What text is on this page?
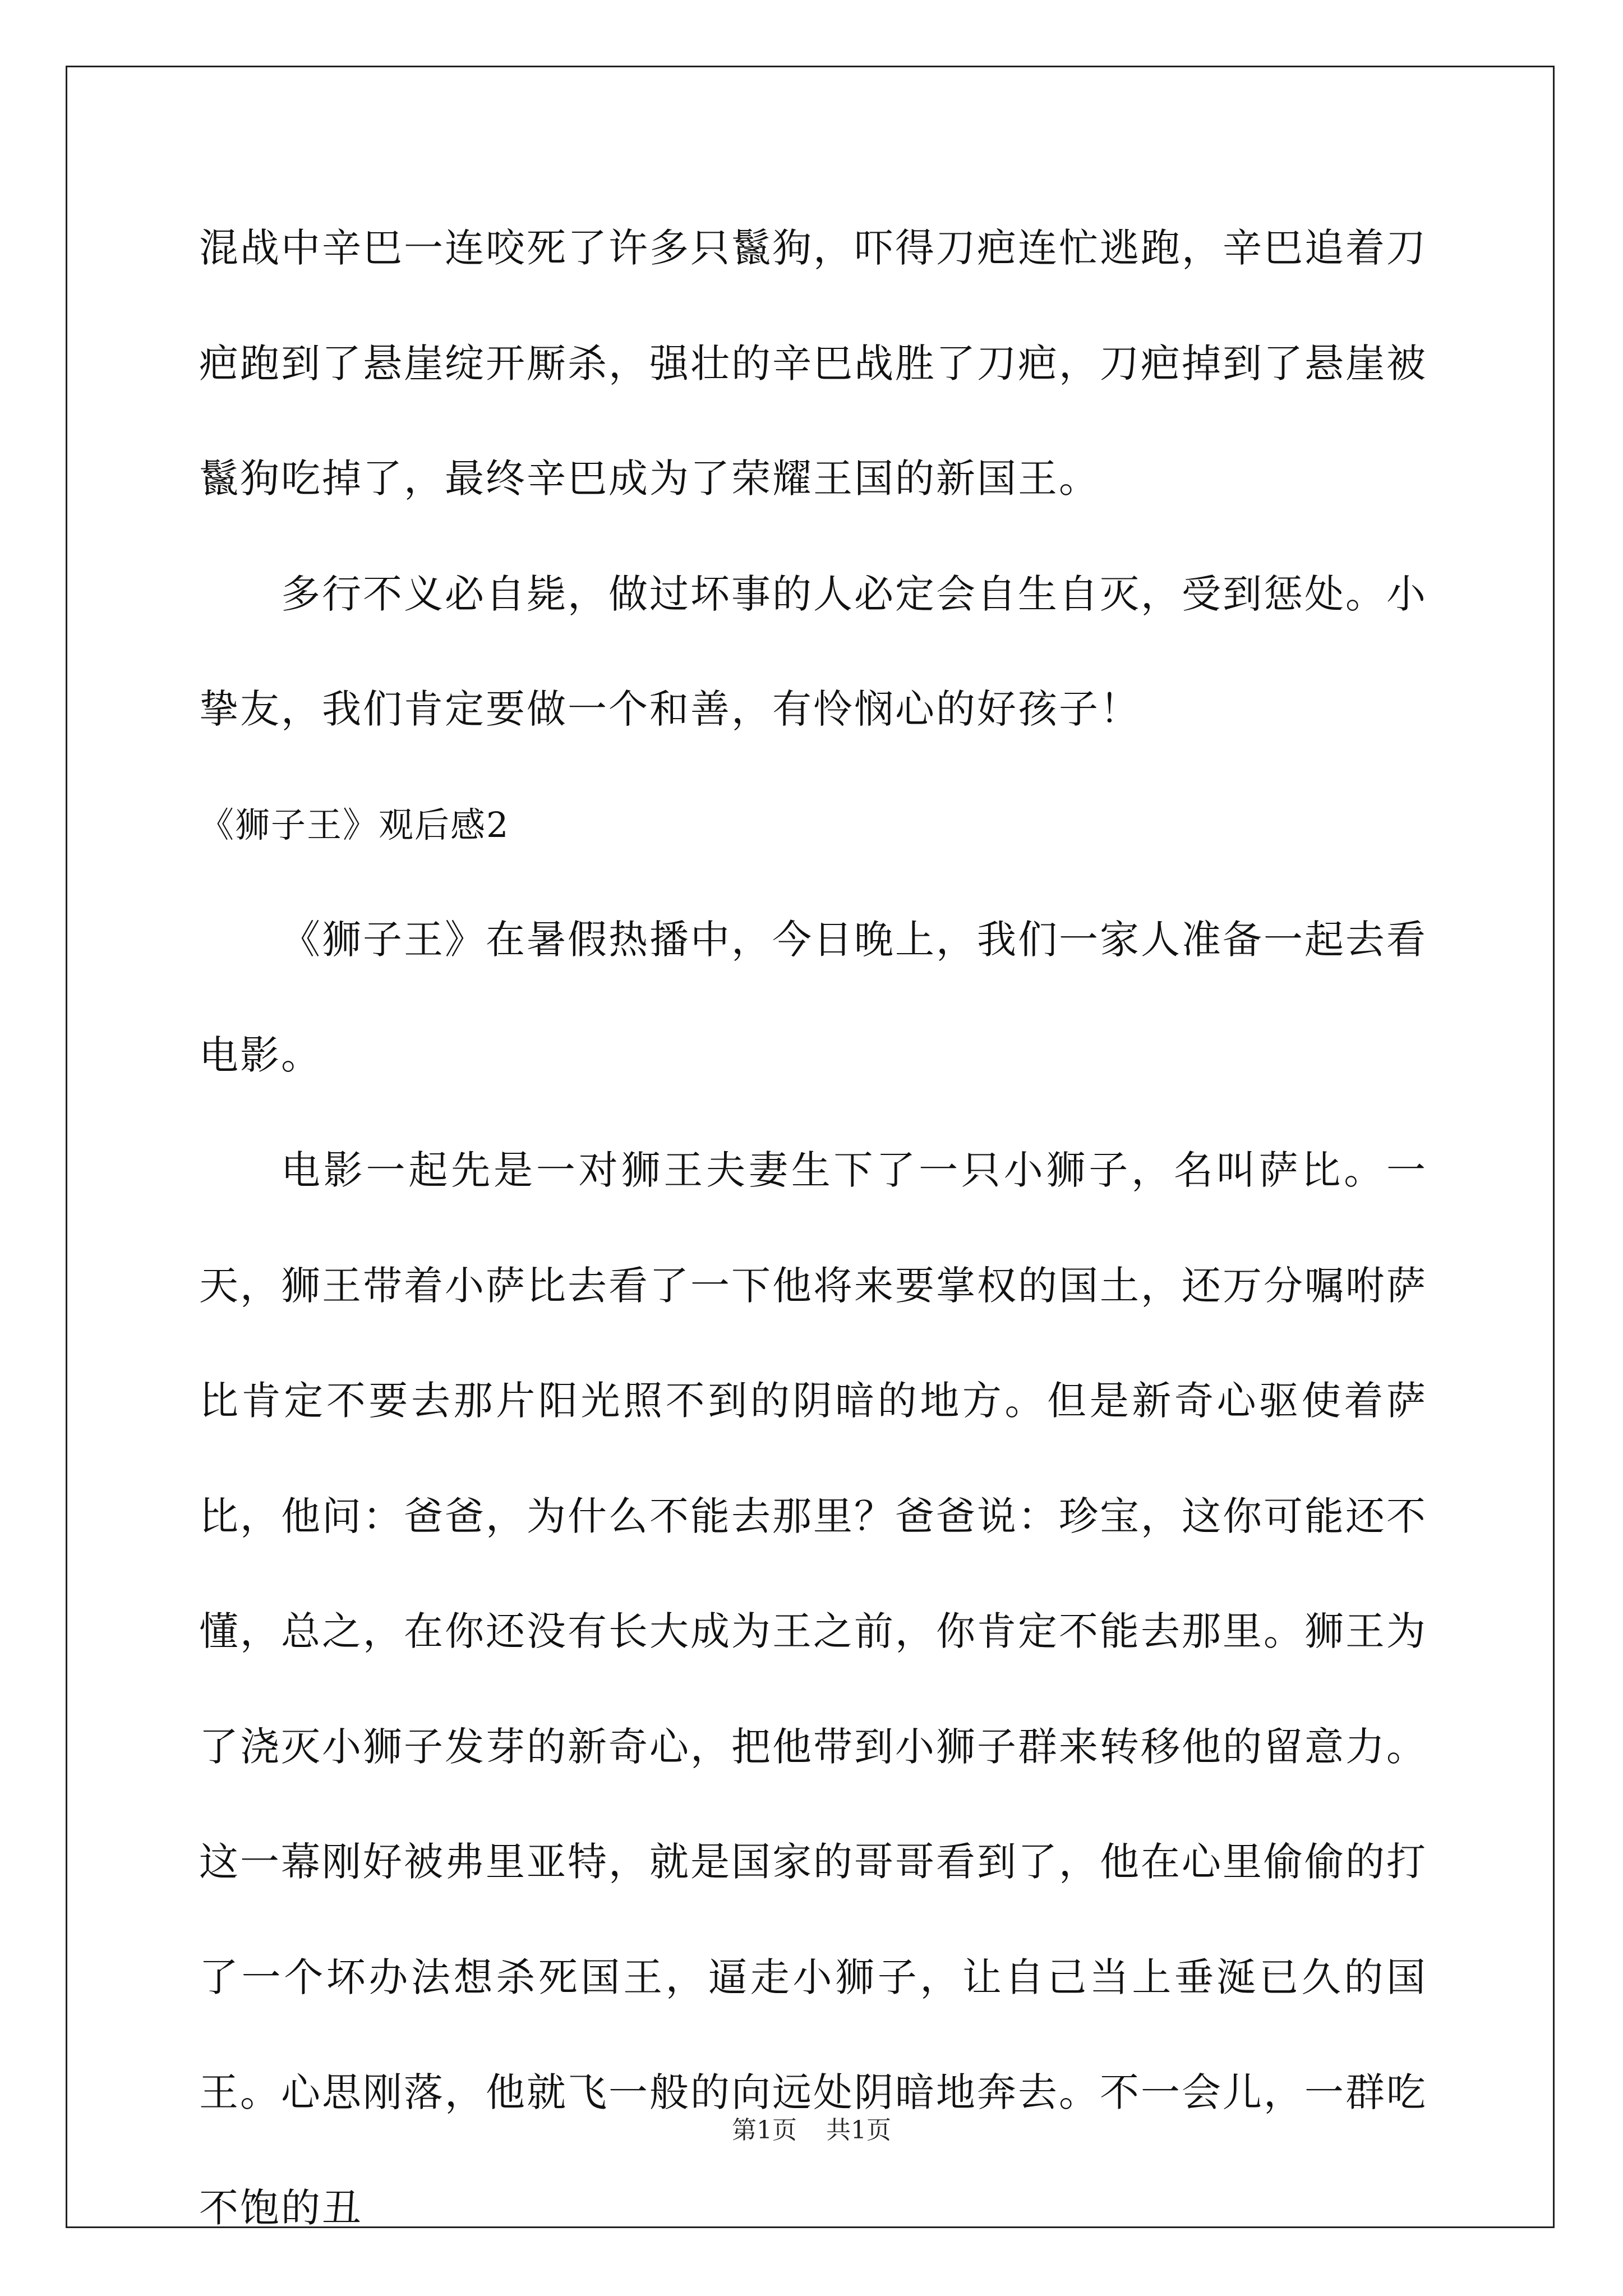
混战中辛巴一连咬死了许多只鬣狗，吓得刀疤连忙逃跑，辛巴追着刀疤跑到了悬崖绽开厮杀，强壮的辛巴战胜了刀疤，刀疤掉到了悬崖被鬣狗吃掉了，最终辛巴成为了荣耀王国的新国王。

多行不义必自毙，做过坏事的人必定会自生自灭，受到惩处。小挚友，我们肯定要做一个和善，有怜悯心的好孩子！

《狮子王》观后感2

《狮子王》在暑假热播中，今日晚上，我们一家人准备一起去看电影。

电影一起先是一对狮王夫妻生下了一只小狮子，名叫萨比。一天，狮王带着小萨比去看了一下他将来要掌权的国土，还万分嘱咐萨比肯定不要去那片阳光照不到的阴暗的地方。但是新奇心驱使着萨比，他问：爸爸，为什么不能去那里？爸爸说：珍宝，这你可能还不懂，总之，在你还没有长大成为王之前，你肯定不能去那里。狮王为了浇灭小狮子发芽的新奇心，把他带到小狮子群来转移他的留意力。这一幕刚好被弗里亚特，就是国家的哥哥看到了，他在心里偷偷的打了一个坏办法想杀死国王，逼走小狮子，让自己当上垂涎已久的国王。心思刚落，他就飞一般的向远处阴暗地奔去。不一会儿，一群吃不饱的丑

第1页 共1页
